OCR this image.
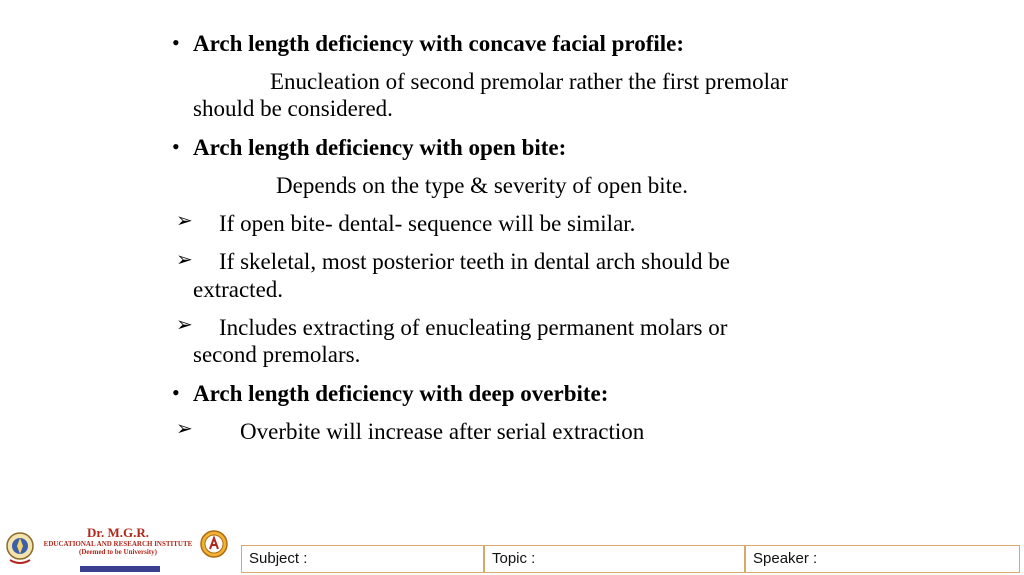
• Arch length deficiency with concave facial profile:
Enucleation of second premolar rather the first premolar
should be considered.
• Arch length deficiency with open bite:
Depends on the type & severity of open bite.
➢ If open bite- dental- sequence will be similar.
➢ If skeletal, most posterior teeth in dental arch should be
extracted.
➢ Includes extracting of enucleating permanent molars or
second premolars.
• Arch length deficiency with deep overbite:
➢ Overbite will increase after serial extraction
Dr. M.G.R.
EDUCATIONAL AND RESEARCH INSTITUTE
(Deemed to be University)	Subject :	Topic :	Speaker :
